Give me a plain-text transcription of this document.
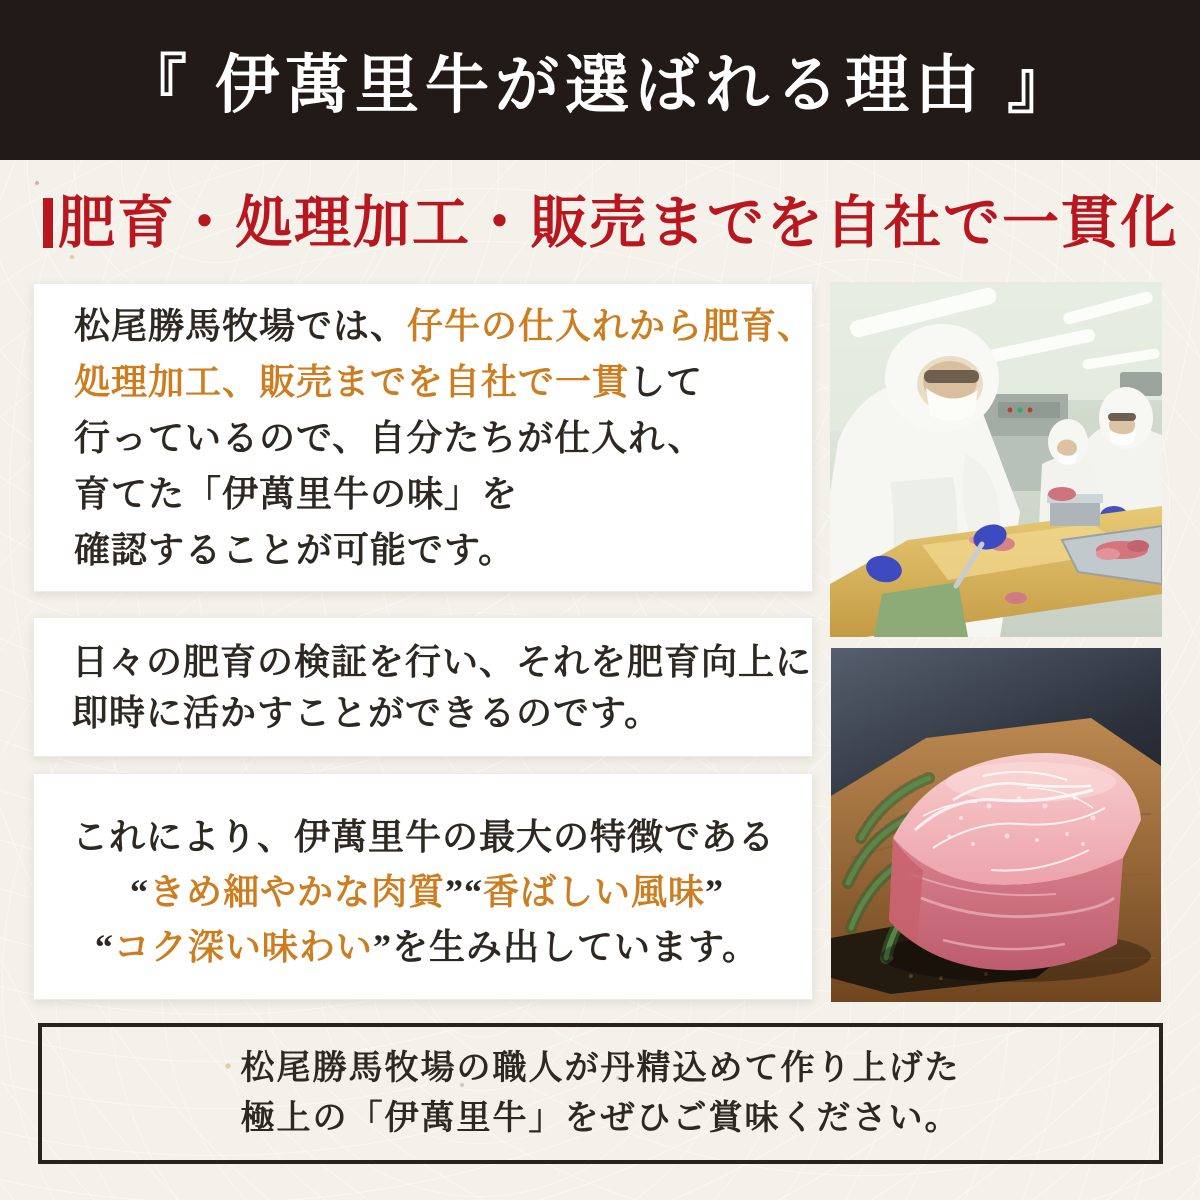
『 伊萬里牛が選ばれる理由 』
肥育・処理加工・販売までを自社で一貫化

松尾勝馬牧場では、仔牛の仕入れから肥育、

処理加工、販売までを自社で一貫して

行っているので、自分たちが仕入れ、

育てた「伊萬里牛の味」を

確認することが可能です。

日々の肥育の検証を行い、それを肥育向上に

即時に活かすことができるのです。

これにより、伊萬里牛の最大の特徴である

“きめ細やかな肉質”“香ばしい風味”

“コク深い味わい”を生み出しています。

松尾勝馬牧場の職人が丹精込めて作り上げた

極上の「伊萬里牛」をぜひご賞味ください。
